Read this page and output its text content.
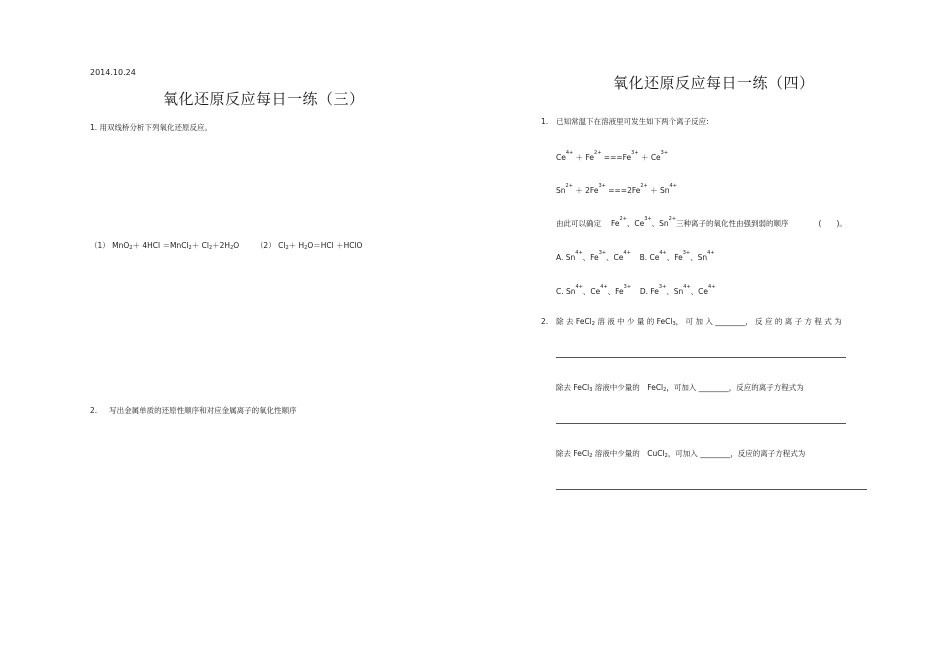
2014.10.24
氧化还原反应每日一练（三）
1. 用双线桥分析下列氧化还原反应。
（1） MnO$_2$＋ 4HCl ＝MnCl$_2$＋ $Cl_2+2H_2O$ （2） $Cl_2+ H_2O=HCl$ ＋HClO
2. 写出金属单质的还原性顺序和对应金属离子的氧化性顺序
氧化还原反应每日一练（四）
1. 已知常温下在溶液里可发生如下两个离子反应:
$Ce^{4+} + Fe^{2+} ===Fe^{3+} + Ce^{3+}$
$Sn^{2+} + 2Fe^{3+} ===2Fe^{2+} + Sn^{4+}$
由此可以确定 $Fe^{2+}$、$Ce^{3+}$、$Sn^{2+}$三种离子的氧化性由强到弱的顺序	(　　)。
A. $Sn^{4+}$、$Fe^{3+}$、$Ce^{4+}$ B. $Ce^{4+}$、$Fe^{3+}$、$Sn^{4+}$
C. $Sn^{4+}$、$Ce^{4+}$、$Fe^{3+}$ D. $Fe^{3+}$、$Sn^{4+}$、$Ce^{4+}$
2. 除 去 FeCl$_2$ 溶 液 中 少 量 的 FeCl$_3$， 可 加 入 ________， 反 应 的 离 子 方 程 式 为
除去 FeCl$_3$ 溶液中少量的　FeCl$_2$，可加入 ________，反应的离子方程式为
除去 FeCl$_2$ 溶液中少量的　CuCl$_2$，可加入 ________，反应的离子方程式为
